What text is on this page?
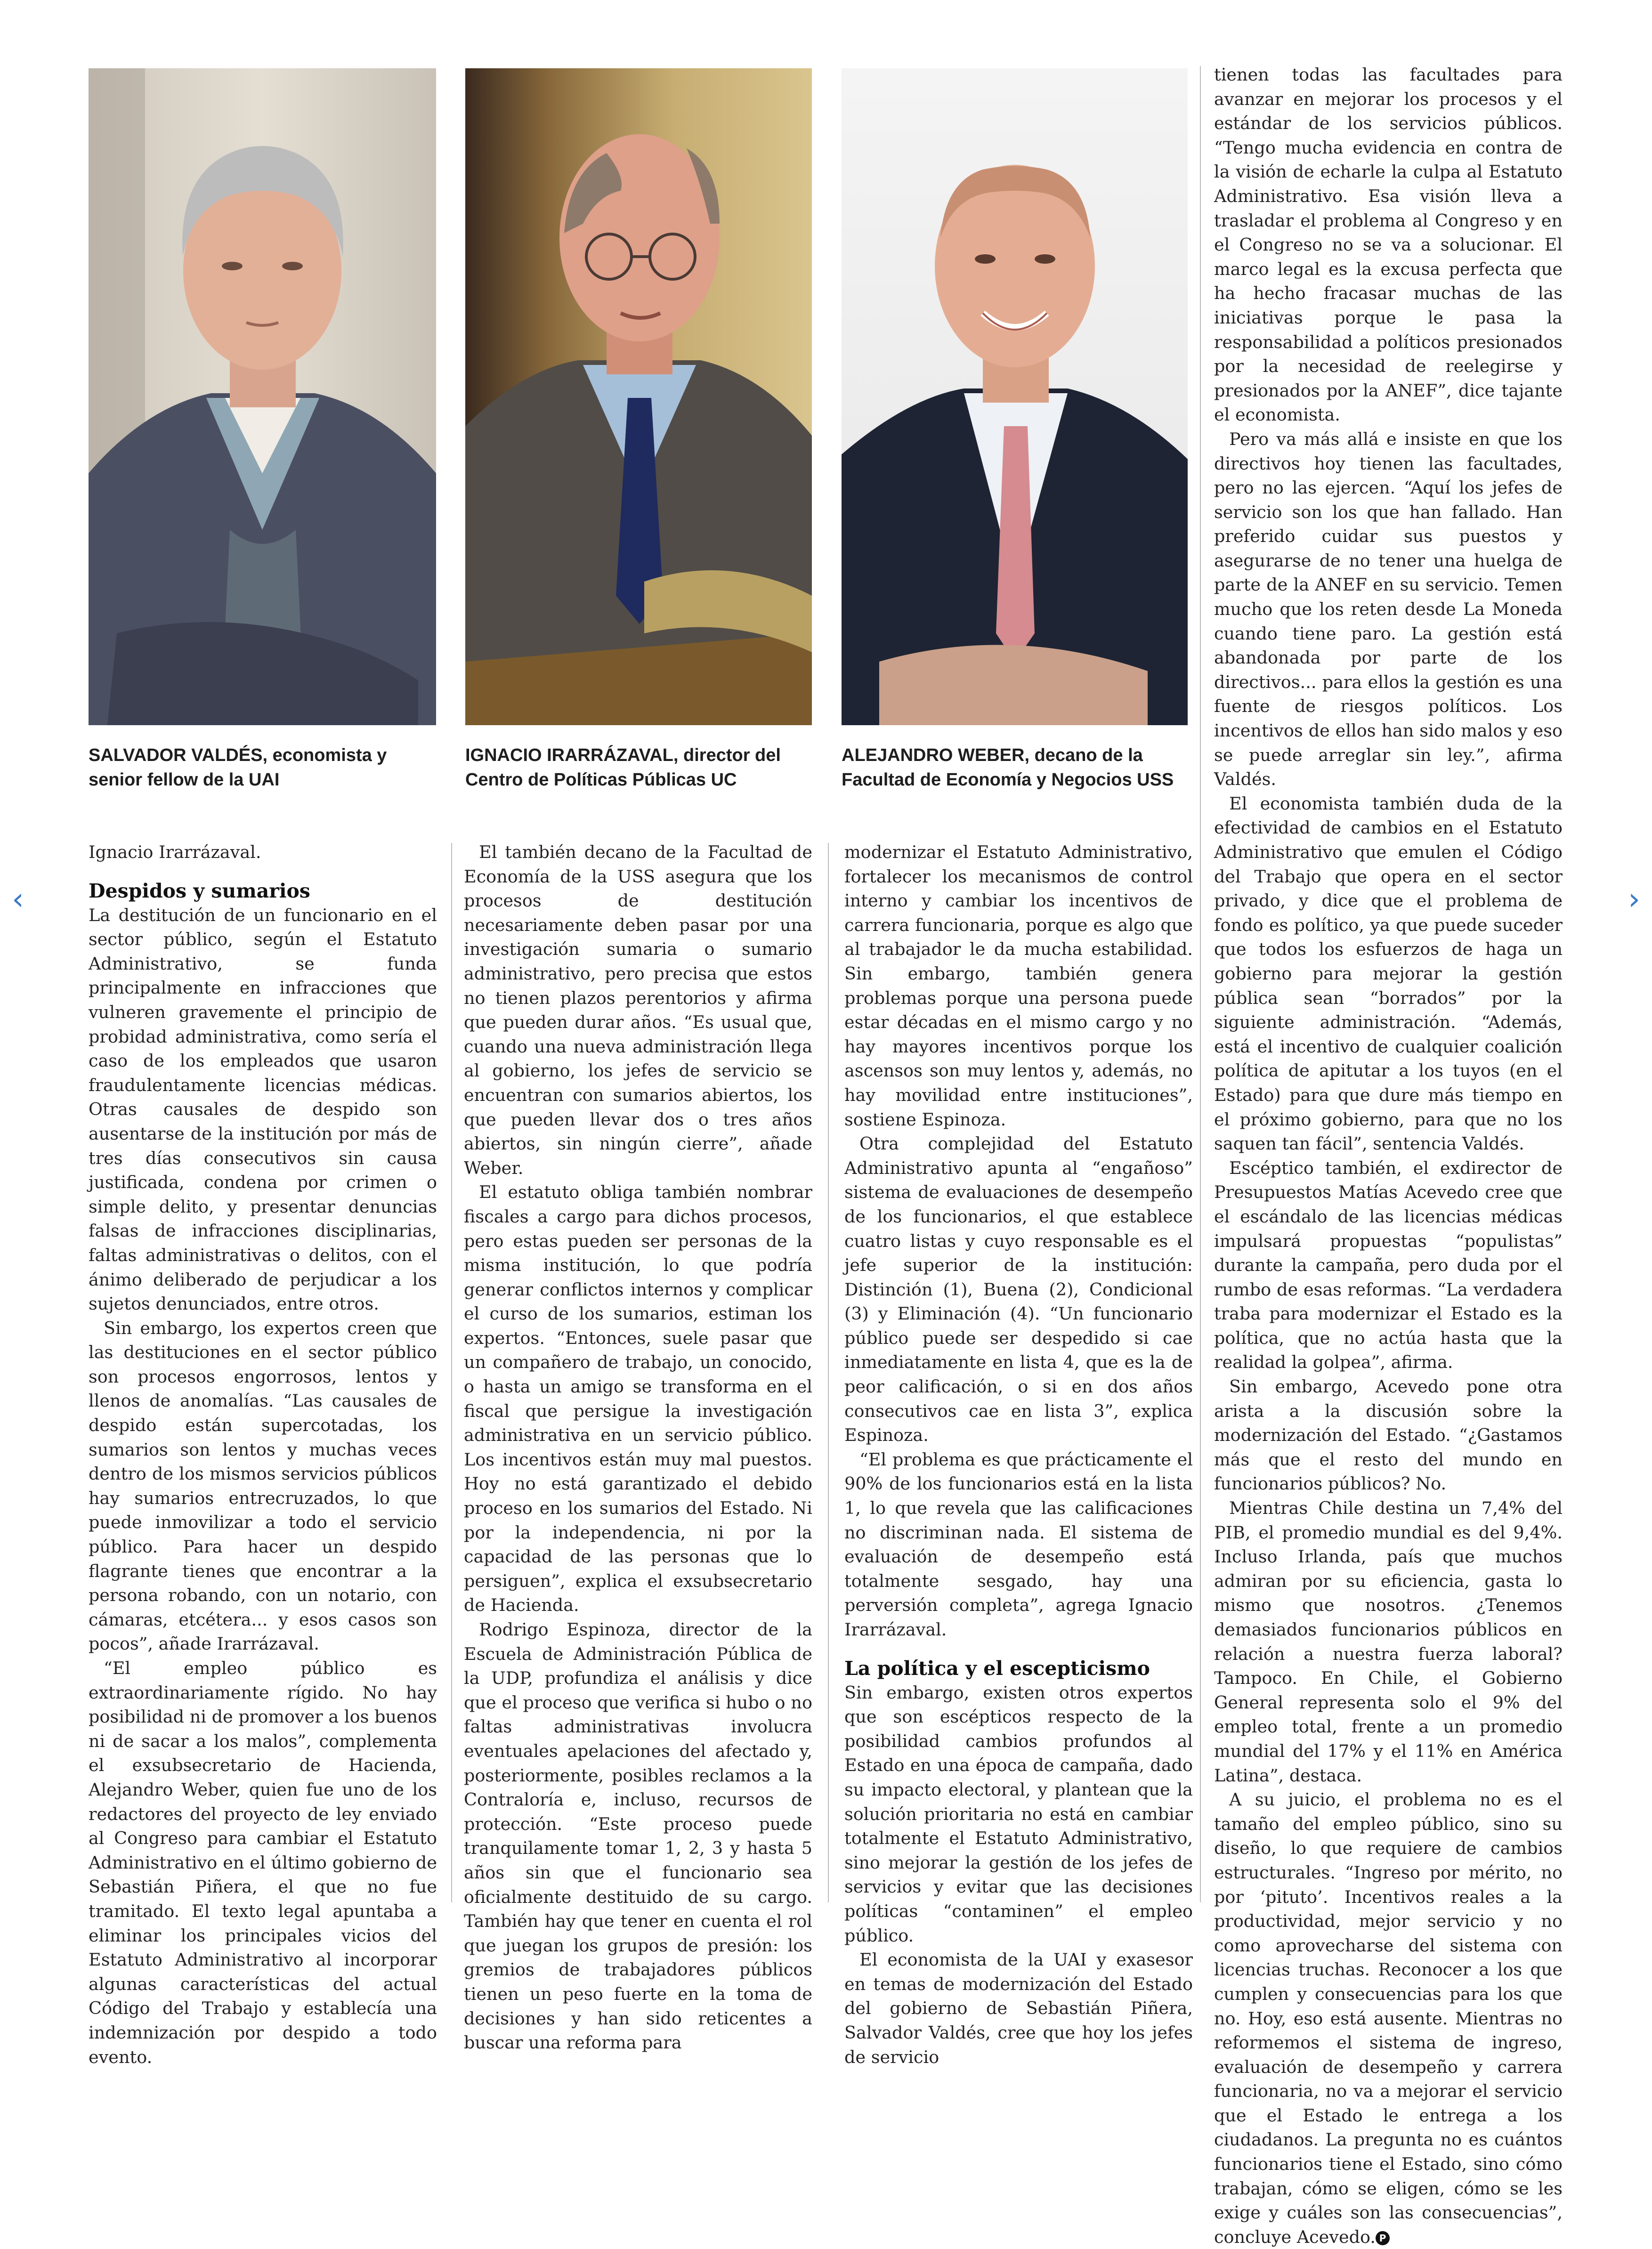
‹	›
SALVADOR VALDÉS, economista y senior fellow de la UAI
IGNACIO IRARRÁZAVAL, director del Centro de Políticas Públicas UC
ALEJANDRO WEBER, decano de la Facultad de Economía y Negocios USS

Ignacio Irarrázaval.

Despidos y sumarios

La destitución de un funcionario en el sector público, según el Estatuto Administrativo, se funda principalmente en infracciones que vulneren gravemente el principio de probidad administrativa, como sería el caso de los empleados que usaron fraudulentamente licencias médicas. Otras causales de despido son ausentarse de la institución por más de tres días consecutivos sin causa justificada, condena por crimen o simple delito, y presentar denuncias falsas de infracciones disciplinarias, faltas administrativas o delitos, con el ánimo deliberado de perjudicar a los sujetos denunciados, entre otros.

Sin embargo, los expertos creen que las destituciones en el sector público son procesos engorrosos, lentos y llenos de anomalías. “Las causales de despido están supercotadas, los sumarios son lentos y muchas veces dentro de los mismos servicios públicos hay sumarios entrecruzados, lo que puede inmovilizar a todo el servicio público. Para hacer un despido flagrante tienes que encontrar a la persona robando, con un notario, con cámaras, etcétera... y esos casos son pocos”, añade Irarrázaval.

“El empleo público es extraordinariamente rígido. No hay posibilidad ni de promover a los buenos ni de sacar a los malos”, complementa el exsubsecretario de Hacienda, Alejandro Weber, quien fue uno de los redactores del proyecto de ley enviado al Congreso para cambiar el Estatuto Administrativo en el último gobierno de Sebastián Piñera, el que no fue tramitado. El texto legal apuntaba a eliminar los principales vicios del Estatuto Administrativo al incorporar algunas características del actual Código del Trabajo y establecía una indemnización por despido a todo evento.

El también decano de la Facultad de Economía de la USS asegura que los procesos de destitución necesariamente deben pasar por una investigación sumaria o sumario administrativo, pero precisa que estos no tienen plazos perentorios y afirma que pueden durar años. “Es usual que, cuando una nueva administración llega al gobierno, los jefes de servicio se encuentran con sumarios abiertos, los que pueden llevar dos o tres años abiertos, sin ningún cierre”, añade Weber.

El estatuto obliga también nombrar fiscales a cargo para dichos procesos, pero estas pueden ser personas de la misma institución, lo que podría generar conflictos internos y complicar el curso de los sumarios, estiman los expertos. “Entonces, suele pasar que un compañero de trabajo, un conocido, o hasta un amigo se transforma en el fiscal que persigue la investigación administrativa en un servicio público. Los incentivos están muy mal puestos. Hoy no está garantizado el debido proceso en los sumarios del Estado. Ni por la independencia, ni por la capacidad de las personas que lo persiguen”, explica el exsubsecretario de Hacienda.

Rodrigo Espinoza, director de la Escuela de Administración Pública de la UDP, profundiza el análisis y dice que el proceso que verifica si hubo o no faltas administrativas involucra eventuales apelaciones del afectado y, posteriormente, posibles reclamos a la Contraloría e, incluso, recursos de protección. “Este proceso puede tranquilamente tomar 1, 2, 3 y hasta 5 años sin que el funcionario sea oficialmente destituido de su cargo. También hay que tener en cuenta el rol que juegan los grupos de presión: los gremios de trabajadores públicos tienen un peso fuerte en la toma de decisiones y han sido reticentes a buscar una reforma para

modernizar el Estatuto Administrativo, fortalecer los mecanismos de control interno y cambiar los incentivos de carrera funcionaria, porque es algo que al trabajador le da mucha estabilidad. Sin embargo, también genera problemas porque una persona puede estar décadas en el mismo cargo y no hay mayores incentivos porque los ascensos son muy lentos y, además, no hay movilidad entre instituciones”, sostiene Espinoza.

Otra complejidad del Estatuto Administrativo apunta al “engañoso” sistema de evaluaciones de desempeño de los funcionarios, el que establece cuatro listas y cuyo responsable es el jefe superior de la institución: Distinción (1), Buena (2), Condicional (3) y Eliminación (4). “Un funcionario público puede ser despedido si cae inmediatamente en lista 4, que es la de peor calificación, o si en dos años consecutivos cae en lista 3”, explica Espinoza.

“El problema es que prácticamente el 90% de los funcionarios está en la lista 1, lo que revela que las calificaciones no discriminan nada. El sistema de evaluación de desempeño está totalmente sesgado, hay una perversión completa”, agrega Ignacio Irarrázaval.

La política y el escepticismo

Sin embargo, existen otros expertos que son escépticos respecto de la posibilidad cambios profundos al Estado en una época de campaña, dado su impacto electoral, y plantean que la solución prioritaria no está en cambiar totalmente el Estatuto Administrativo, sino mejorar la gestión de los jefes de servicios y evitar que las decisiones políticas “contaminen” el empleo público.

El economista de la UAI y exasesor en temas de modernización del Estado del gobierno de Sebastián Piñera, Salvador Valdés, cree que hoy los jefes de servicio

tienen todas las facultades para avanzar en mejorar los procesos y el estándar de los servicios públicos. “Tengo mucha evidencia en contra de la visión de echarle la culpa al Estatuto Administrativo. Esa visión lleva a trasladar el problema al Congreso y en el Congreso no se va a solucionar. El marco legal es la excusa perfecta que ha hecho fracasar muchas de las iniciativas porque le pasa la responsabilidad a políticos presionados por la necesidad de reelegirse y presionados por la ANEF”, dice tajante el economista.

Pero va más allá e insiste en que los directivos hoy tienen las facultades, pero no las ejercen. “Aquí los jefes de servicio son los que han fallado. Han preferido cuidar sus puestos y asegurarse de no tener una huelga de parte de la ANEF en su servicio. Temen mucho que los reten desde La Moneda cuando tiene paro. La gestión está abandonada por parte de los directivos... para ellos la gestión es una fuente de riesgos políticos. Los incentivos de ellos han sido malos y eso se puede arreglar sin ley.”, afirma Valdés.

El economista también duda de la efectividad de cambios en el Estatuto Administrativo que emulen el Código del Trabajo que opera en el sector privado, y dice que el problema de fondo es político, ya que puede suceder que todos los esfuerzos de haga un gobierno para mejorar la gestión pública sean “borrados” por la siguiente administración. “Además, está el incentivo de cualquier coalición política de apitutar a los tuyos (en el Estado) para que dure más tiempo en el próximo gobierno, para que no los saquen tan fácil”, sentencia Valdés.

Escéptico también, el exdirector de Presupuestos Matías Acevedo cree que el escándalo de las licencias médicas impulsará propuestas “populistas” durante la campaña, pero duda por el rumbo de esas reformas. “La verdadera traba para modernizar el Estado es la política, que no actúa hasta que la realidad la golpea”, afirma.

Sin embargo, Acevedo pone otra arista a la discusión sobre la modernización del Estado. “¿Gastamos más que el resto del mundo en funcionarios públicos? No.

Mientras Chile destina un 7,4% del PIB, el promedio mundial es del 9,4%. Incluso Irlanda, país que muchos admiran por su eficiencia, gasta lo mismo que nosotros. ¿Tenemos demasiados funcionarios públicos en relación a nuestra fuerza laboral? Tampoco. En Chile, el Gobierno General representa solo el 9% del empleo total, frente a un promedio mundial del 17% y el 11% en América Latina”, destaca.

A su juicio, el problema no es el tamaño del empleo público, sino su diseño, lo que requiere de cambios estructurales. “Ingreso por mérito, no por ‘pituto’. Incentivos reales a la productividad, mejor servicio y no como aprovecharse del sistema con licencias truchas. Reconocer a los que cumplen y consecuencias para los que no. Hoy, eso está ausente. Mientras no reformemos el sistema de ingreso, evaluación de desempeño y carrera funcionaria, no va a mejorar el servicio que el Estado le entrega a los ciudadanos. La pregunta no es cuántos funcionarios tiene el Estado, sino cómo trabajan, cómo se eligen, cómo se les exige y cuáles son las consecuencias”, concluye Acevedo. P
